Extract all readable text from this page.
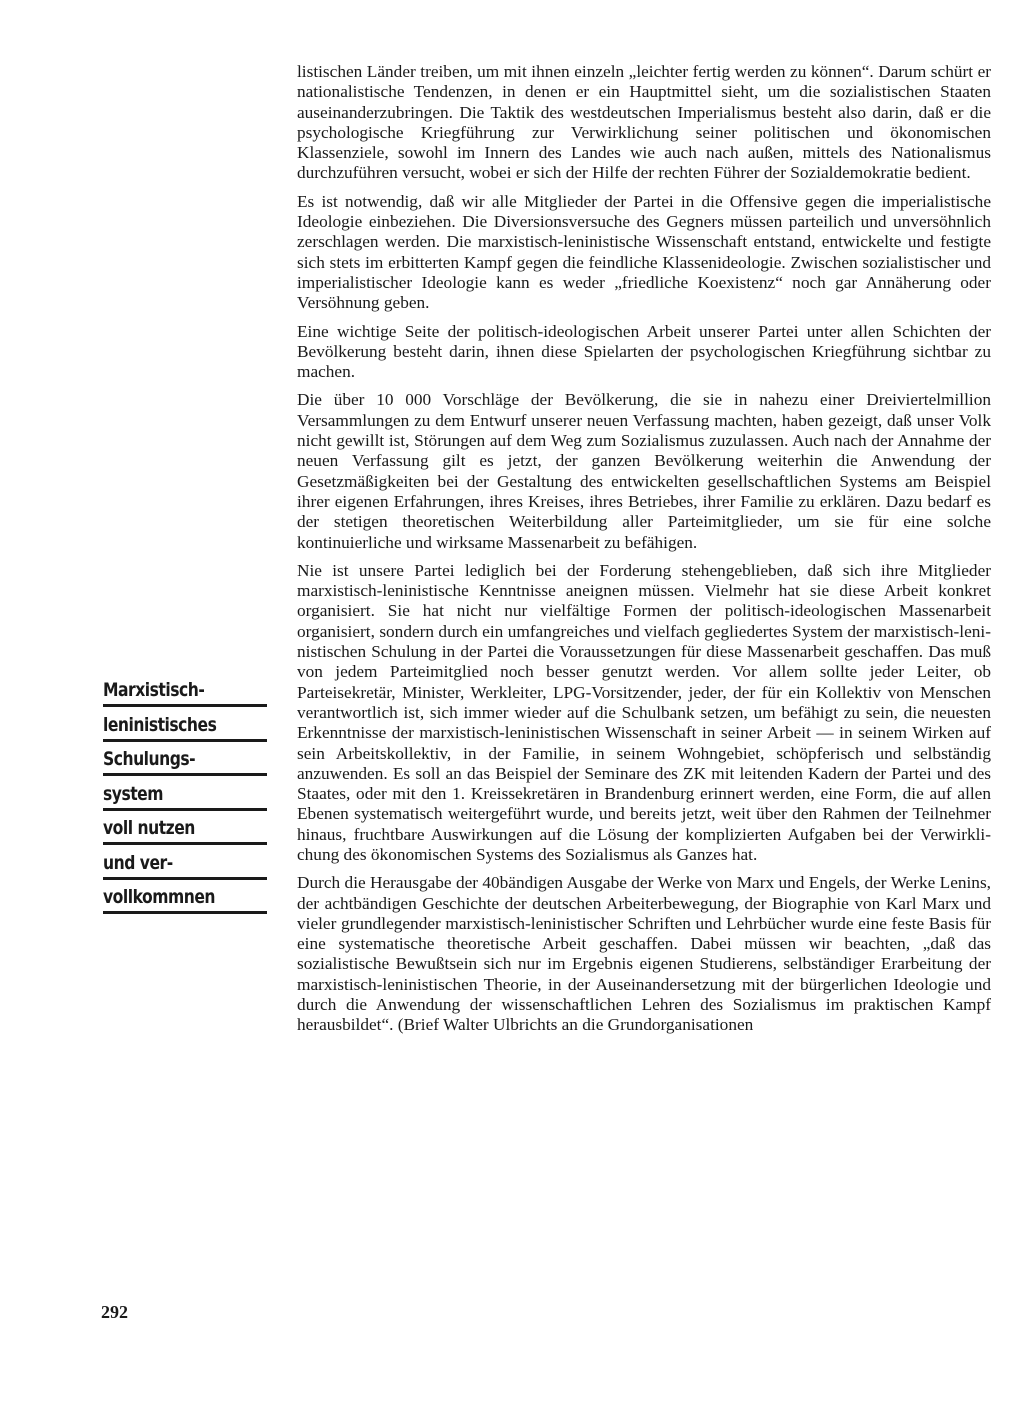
listischen Länder treiben, um mit ihnen einzeln „leichter fertig werden zu können“. Darum schürt er nationalistische Tendenzen, in denen er ein Hauptmittel sieht, um die sozialistischen Staaten auseinanderzubringen. Die Taktik des westdeutschen Imperialismus besteht also darin, daß er die psychologische Kriegführung zur Verwirklichung seiner politischen und ökonomischen Klassenziele, sowohl im Innern des Landes wie auch nach außen, mittels des Nationalismus durchzuführen versucht, wobei er sich der Hilfe der rechten Führer der Sozialdemokratie bedient.

Es ist notwendig, daß wir alle Mitglieder der Partei in die Offensive gegen die imperialistische Ideologie einbeziehen. Die Diversionsversuche des Gegners müssen parteilich und unversöhnlich zerschlagen werden. Die marxistisch-leninistische Wissenschaft entstand, entwickelte und festigte sich stets im erbitterten Kampf gegen die feindliche Klassenideologie. Zwischen sozialistischer und imperialistischer Ideologie kann es weder „friedliche Koexistenz“ noch gar Annäherung oder Versöhnung geben.

Eine wichtige Seite der politisch-ideologischen Arbeit unserer Partei unter allen Schichten der Bevölkerung besteht darin, ihnen diese Spielarten der psychologischen Kriegführung sichtbar zu machen.

Die über 10 000 Vorschläge der Bevölkerung, die sie in nahezu einer Dreiviertelmillion Versammlungen zu dem Entwurf unserer neuen Verfassung machten, haben gezeigt, daß unser Volk nicht gewillt ist, Störungen auf dem Weg zum Sozialismus zuzulassen. Auch nach der Annahme der neuen Verfassung gilt es jetzt, der ganzen Bevölkerung weiterhin die Anwendung der Gesetzmäßigkeiten bei der Gestaltung des entwickelten gesellschaftlichen Systems am Beispiel ihrer eigenen Erfahrungen, ihres Kreises, ihres Betriebes, ihrer Familie zu erklären. Dazu bedarf es der stetigen theoretischen Weiterbildung aller Parteimitglieder, um sie für eine solche kontinuierliche und wirksame Massenarbeit zu befähigen.

Nie ist unsere Partei lediglich bei der Forderung stehengeblieben, daß sich ihre Mitglieder marxistisch-leninistische Kenntnisse aneignen müssen. Vielmehr hat sie diese Arbeit konkret organisiert. Sie hat nicht nur vielfältige Formen der politisch-ideologischen Massenarbeit organisiert, sondern durch ein umfangreiches und vielfach gegliedertes System der marxistisch-leninistischen Schulung in der Partei die Voraussetzungen für diese Massenarbeit geschaffen. Das muß von jedem Parteimitglied noch besser genutzt werden. Vor allem sollte jeder Leiter, ob Parteisekretär, Minister, Werkleiter, LPG-Vorsitzender, jeder, der für ein Kollektiv von Menschen verantwortlich ist, sich immer wieder auf die Schulbank setzen, um befähigt zu sein, die neuesten Erkenntnisse der marxistisch-leninistischen Wissenschaft in seiner Arbeit — in seinem Wirken auf sein Arbeitskollektiv, in der Familie, in seinem Wohngebiet, schöpferisch und selbständig anzuwenden. Es soll an das Beispiel der Seminare des ZK mit leitenden Kadern der Partei und des Staates, oder mit den 1. Kreissekretären in Brandenburg erinnert werden, eine Form, die auf allen Ebenen systematisch weitergeführt wurde, und bereits jetzt, weit über den Rahmen der Teilnehmer hinaus, fruchtbare Auswirkungen auf die Lösung der komplizierten Aufgaben bei der Verwirklichung des ökonomischen Systems des Sozialismus als Ganzes hat.

Durch die Herausgabe der 40bändigen Ausgabe der Werke von Marx und Engels, der Werke Lenins, der achtbändigen Geschichte der deutschen Arbeiterbewegung, der Biographie von Karl Marx und vieler grundlegender marxistisch-leninistischer Schriften und Lehrbücher wurde eine feste Basis für eine systematische theoretische Arbeit geschaffen. Dabei müssen wir beachten, „daß das sozialistische Bewußtsein sich nur im Ergebnis eigenen Studierens, selbständiger Erarbeitung der marxistisch-leninistischen Theorie, in der Auseinandersetzung mit der bürgerlichen Ideologie und durch die Anwendung der wissenschaftlichen Lehren des Sozialismus im praktischen Kampf herausbildet“. (Brief Walter Ulbrichts an die Grundorganisationen

Marxistisch-
leninistisches
Schulungs-
system
voll nutzen
und ver-
vollkommnen
292
